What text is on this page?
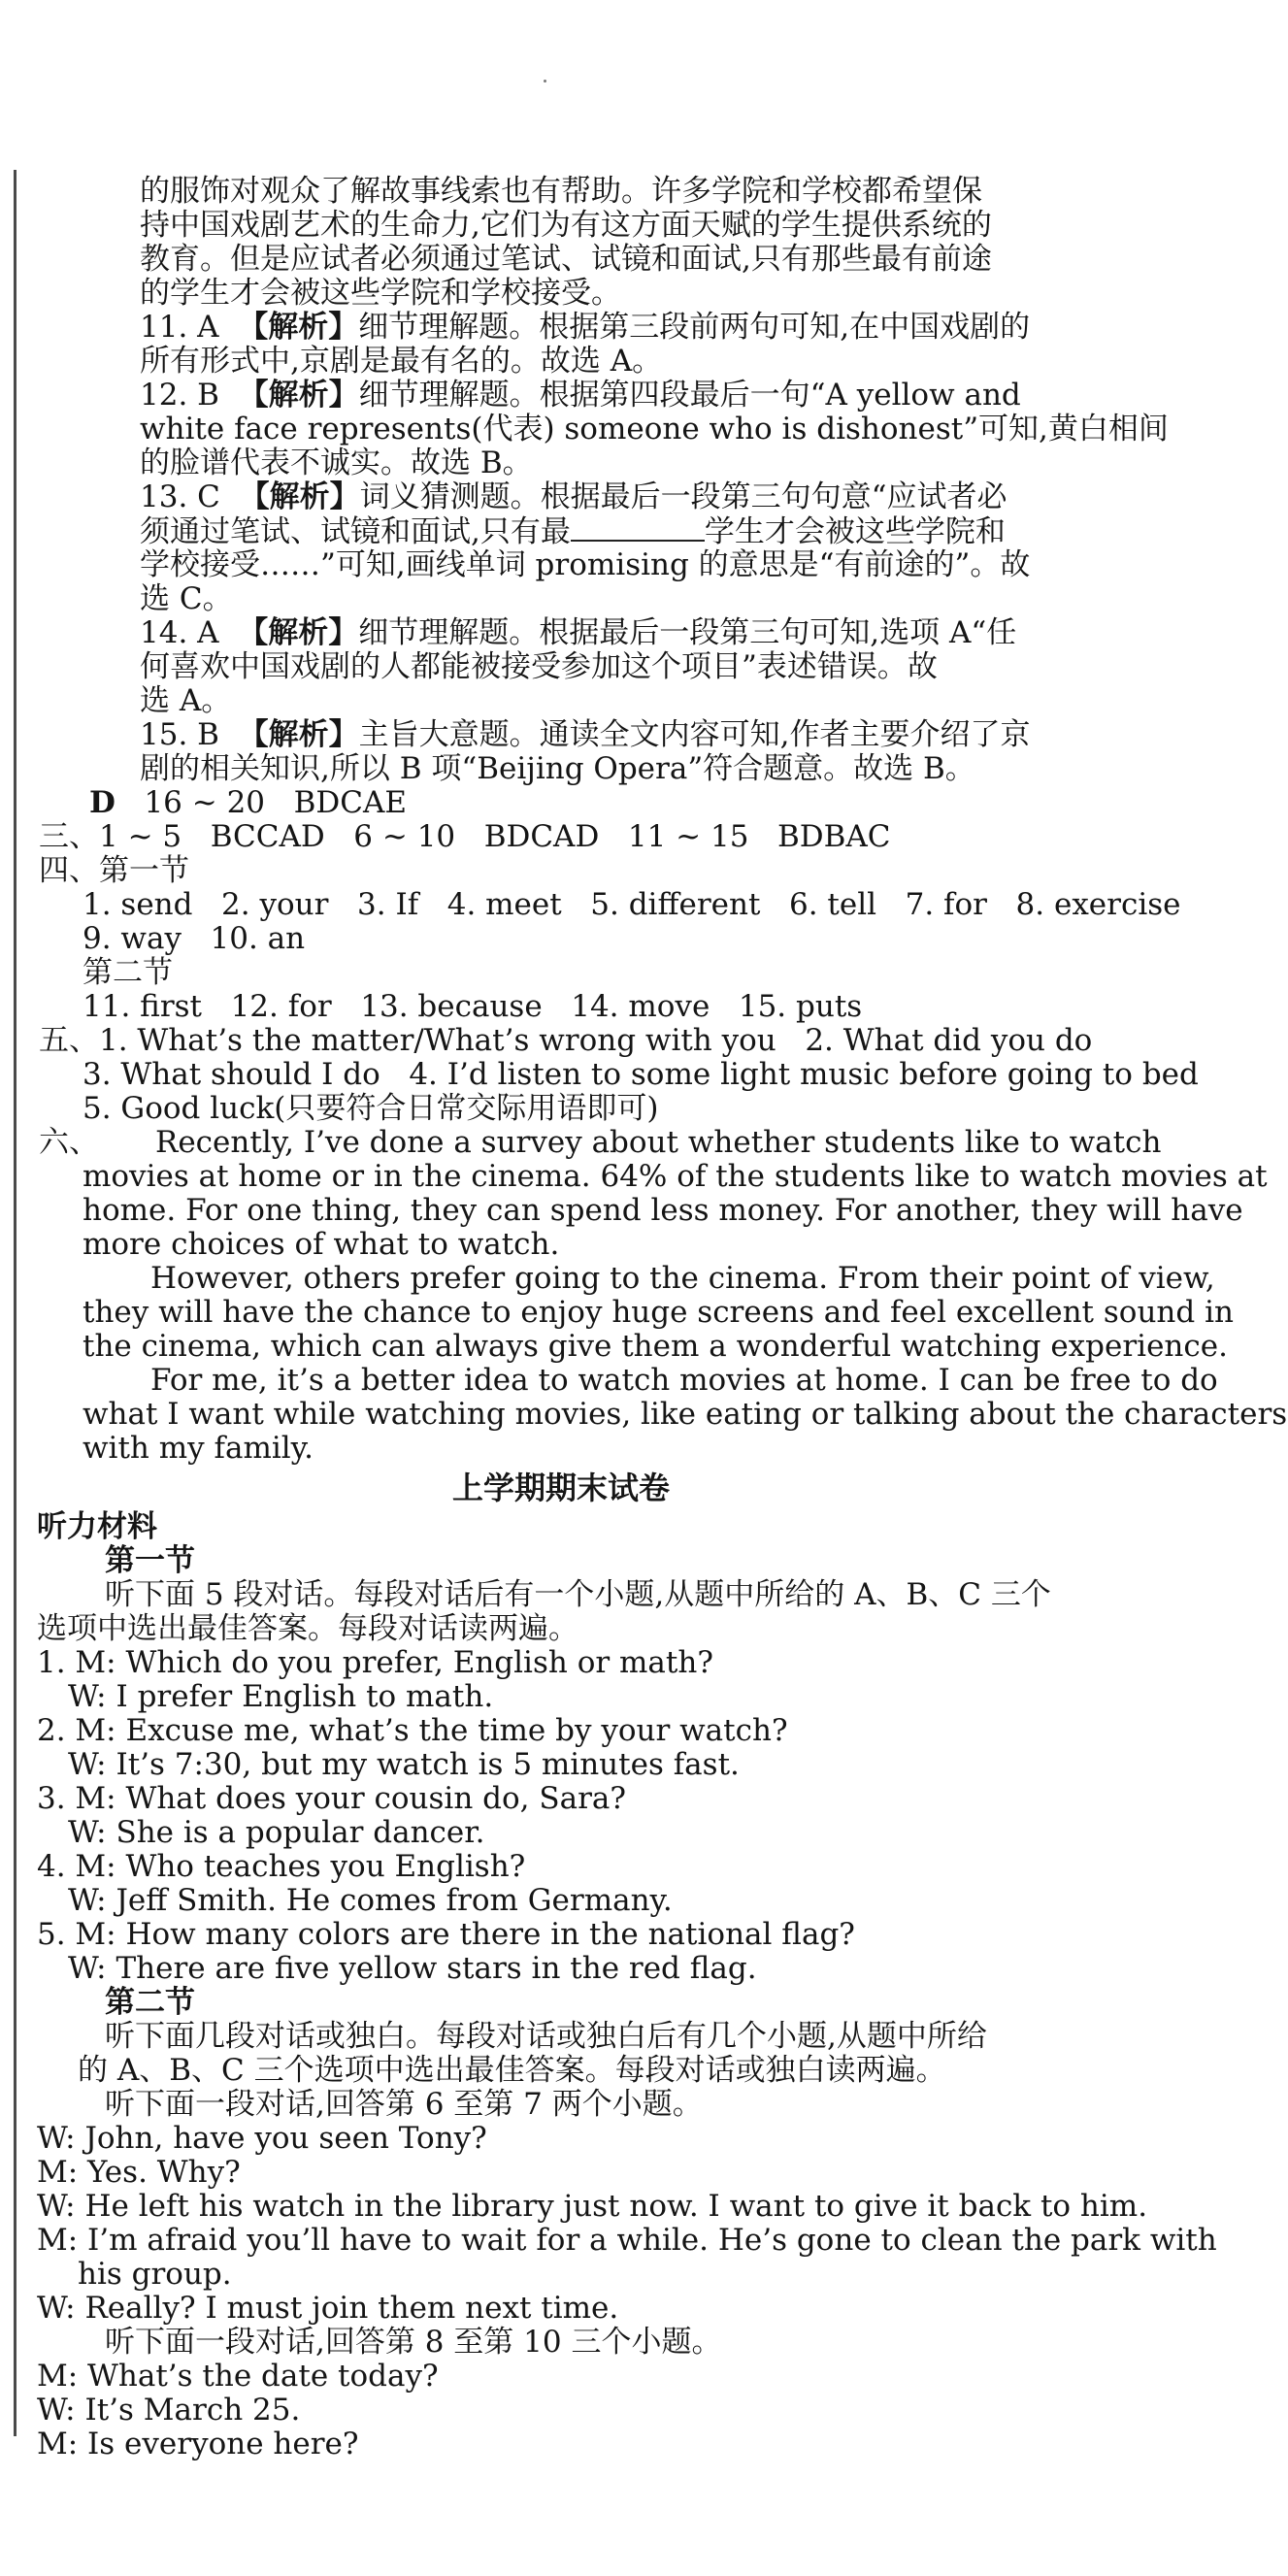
的服饰对观众了解故事线索也有帮助。许多学院和学校都希望保
持中国戏剧艺术的生命力,它们为有这方面天赋的学生提供系统的
教育。但是应试者必须通过笔试、试镜和面试,只有那些最有前途
的学生才会被这些学院和学校接受。
11. A 【解析】细节理解题。根据第三段前两句可知,在中国戏剧的
所有形式中,京剧是最有名的。故选 A。
12. B 【解析】细节理解题。根据第四段最后一句“A yellow and
white face represents(代表) someone who is dishonest”可知,黄白相间
的脸谱代表不诚实。故选 B。
13. C 【解析】词义猜测题。根据最后一段第三句句意“应试者必
须通过笔试、试镜和面试,只有最	学生才会被这些学院和
学校接受……”可知,画线单词 promising 的意思是“有前途的”。故
选 C。
14. A 【解析】细节理解题。根据最后一段第三句可知,选项 A“任
何喜欢中国戏剧的人都能被接受参加这个项目”表述错误。故
选 A。
15. B 【解析】主旨大意题。通读全文内容可知,作者主要介绍了京
剧的相关知识,所以 B 项“Beijing Opera”符合题意。故选 B。
D 16 ~ 20   BDCAE
三、1 ~ 5   BCCAD   6 ~ 10   BDCAD   11 ~ 15   BDBAC
四、第一节
1. send   2. your   3. If   4. meet   5. different   6. tell   7. for   8. exercise
9. way   10. an
第二节
11. first   12. for   13. because   14. move   15. puts
五、1. What’s the matter/What’s wrong with you   2. What did you do
3. What should I do   4. I’d listen to some light music before going to bed
5. Good luck(只要符合日常交际用语即可)
六、 Recently, I’ve done a survey about whether students like to watch
movies at home or in the cinema. 64% of the students like to watch movies at
home. For one thing, they can spend less money. For another, they will have
more choices of what to watch.
However, others prefer going to the cinema. From their point of view,
they will have the chance to enjoy huge screens and feel excellent sound in
the cinema, which can always give them a wonderful watching experience.
For me, it’s a better idea to watch movies at home. I can be free to do
what I want while watching movies, like eating or talking about the characters
with my family.
上学期期末试卷
听力材料
第一节
听下面 5 段对话。每段对话后有一个小题,从题中所给的 A、B、C 三个
选项中选出最佳答案。每段对话读两遍。
1. M: Which do you prefer, English or math?
W: I prefer English to math.
2. M: Excuse me, what’s the time by your watch?
W: It’s 7:30, but my watch is 5 minutes fast.
3. M: What does your cousin do, Sara?
W: She is a popular dancer.
4. M: Who teaches you English?
W: Jeff Smith. He comes from Germany.
5. M: How many colors are there in the national flag?
W: There are five yellow stars in the red flag.
第二节
听下面几段对话或独白。每段对话或独白后有几个小题,从题中所给
的 A、B、C 三个选项中选出最佳答案。每段对话或独白读两遍。
听下面一段对话,回答第 6 至第 7 两个小题。
W: John, have you seen Tony?
M: Yes. Why?
W: He left his watch in the library just now. I want to give it back to him.
M: I’m afraid you’ll have to wait for a while. He’s gone to clean the park with
his group.
W: Really? I must join them next time.
听下面一段对话,回答第 8 至第 10 三个小题。
M: What’s the date today?
W: It’s March 25.
M: Is everyone here?
